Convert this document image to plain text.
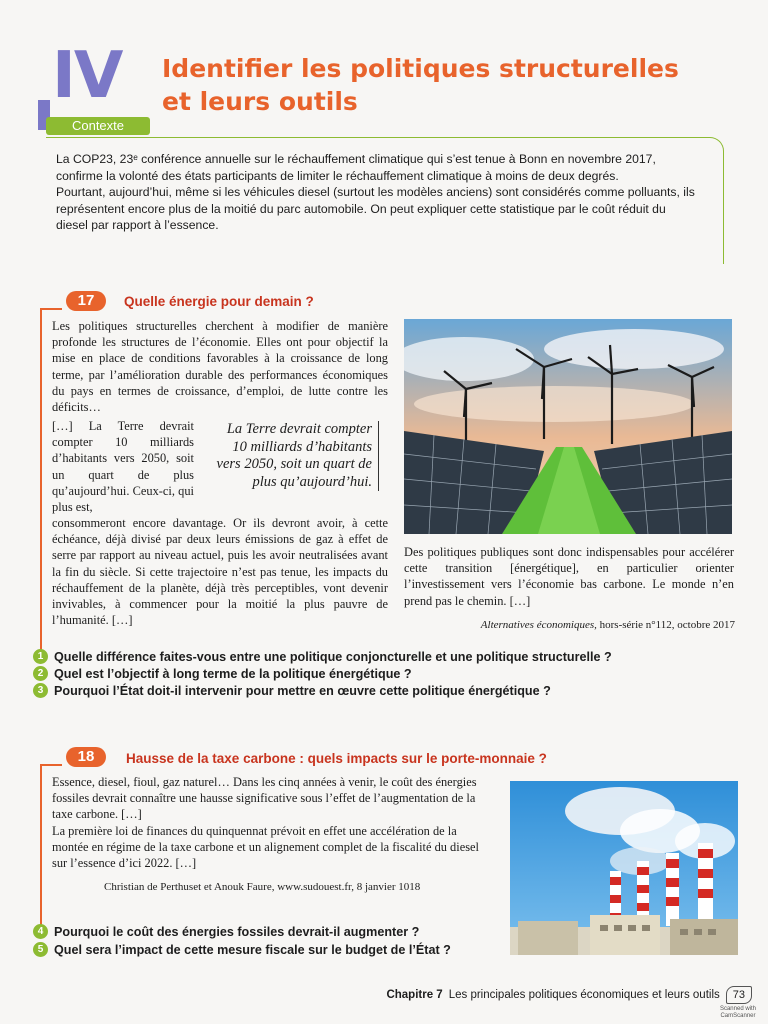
IV
Contexte
Identifier les politiques structurelles
et leurs outils

La COP23, 23ᵉ conférence annuelle sur le réchauffement climatique qui s’est tenue à Bonn en novembre 2017, confirme la volonté des états participants de limiter le réchauffement climatique à moins de deux degrés.

Pourtant, aujourd’hui, même si les véhicules diesel (surtout les modèles anciens) sont considérés comme polluants, ils représentent encore plus de la moitié du parc automobile. On peut expliquer cette statistique par le coût réduit du diesel par rapport à l’essence.

17	Quelle énergie pour demain ?
Les politiques structurelles cherchent à modifier de manière profonde les structures de l’économie. Elles ont pour objectif la mise en place de conditions favorables à la croissance de long terme, par l’amélioration durable des performances économiques du pays en termes de croissance, d’emploi, de lutte contre les déficits…
[…] La Terre devrait compter 10 milliards d’habitants vers 2050, soit un quart de plus qu’aujourd’hui. Ceux-ci, qui plus est,
La Terre devrait compter 10 milliards d’habitants vers 2050, soit un quart de plus qu’aujourd’hui.
consommeront encore davantage. Or ils devront avoir, à cette échéance, déjà divisé par deux leurs émissions de gaz à effet de serre par rapport au niveau actuel, puis les avoir neutralisées avant la fin du siècle. Si cette trajectoire n’est pas tenue, les impacts du réchauffement de la planète, déjà très perceptibles, vont devenir invivables, à commencer pour la moitié la plus pauvre de l’humanité. […]
Des politiques publiques sont donc indispensables pour accélérer cette transition [énergétique], en particulier orienter l’investissement vers l’économie bas carbone. Le monde n’en prend pas le chemin. […]
Alternatives économiques, hors-série n°112, octobre 2017
1 Quelle différence faites-vous entre une politique conjoncturelle et une politique structurelle ?
2 Quel est l’objectif à long terme de la politique énergétique ?
3 Pourquoi l’État doit-il intervenir pour mettre en œuvre cette politique énergétique ?
18	Hausse de la taxe carbone : quels impacts sur le porte-monnaie ?

Essence, diesel, fioul, gaz naturel… Dans les cinq années à venir, le coût des énergies fossiles devrait connaître une hausse significative sous l’effet de l’augmentation de la taxe carbone. […]

La première loi de finances du quinquennat prévoit en effet une accélération de la montée en régime de la taxe carbone et un alignement complet de la fiscalité du diesel sur l’essence d’ici 2022. […]

Christian de Perthuset et Anouk Faure, www.sudouest.fr, 8 janvier 1018
4 Pourquoi le coût des énergies fossiles devrait-il augmenter ?
5 Quel sera l’impact de cette mesure fiscale sur le budget de l’État ?
Chapitre 7 Les principales politiques économiques et leurs outils	73
Scanned with
CamScanner
